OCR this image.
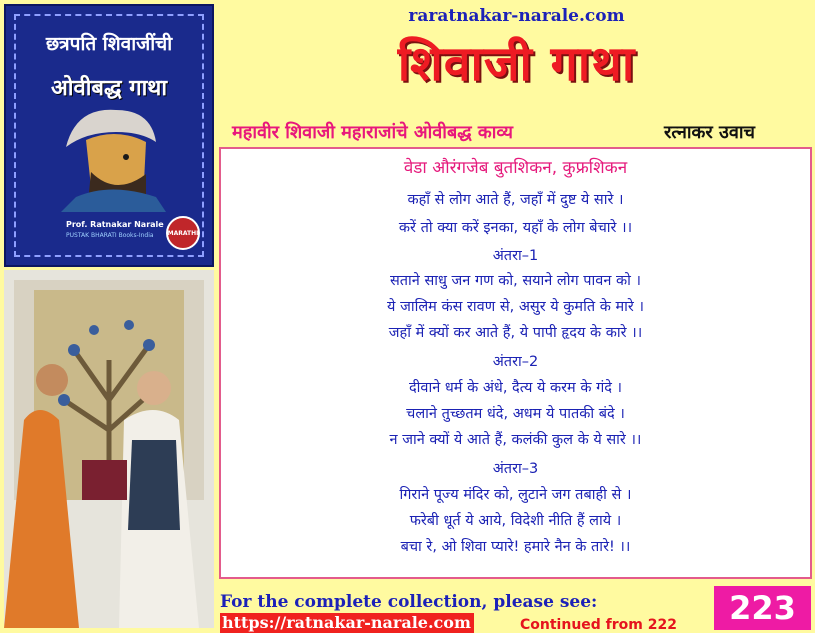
छत्रपति शिवाजींची
ओवीबद्ध गाथा
Prof. Ratnakar Narale
PUSTAK BHARATI Books-India MARATHI
raratnakar-narale.com
शिवाजी गाथा
महावीर शिवाजी महाराजांचे ओवीबद्ध काव्य	रत्नाकर उवाच
वेडा औरंगजेब बुतशिकन, कुफ्रशिकन
कहाँ से लोग आते हैं, जहाँ में दुष्ट ये सारे ।
करें तो क्या करें इनका, यहाँ के लोग बेचारे ।।
अंतरा–1
सताने साधु जन गण को, सयाने लोग पावन को ।
ये जालिम कंस रावण से, असुर ये कुमति के मारे ।
जहाँ में क्यों कर आते हैं, ये पापी हृदय के कारे ।।
अंतरा–2
दीवाने धर्म के अंधे, दैत्य ये करम के गंदे ।
चलाने तुच्छतम धंदे, अधम ये पातकी बंदे ।
न जाने क्यों ये आते हैं, कलंकी कुल के ये सारे ।।
अंतरा–3
गिराने पूज्य मंदिर को, लुटाने जग तबाही से ।
फरेबी धूर्त ये आये, विदेशी नीति हैं लाये ।
बचा रे, ओ शिवा प्यारे! हमारे नैन के तारे! ।।
For the complete collection, please see:
https://ratnakar-narale.com	Continued from 222	223
